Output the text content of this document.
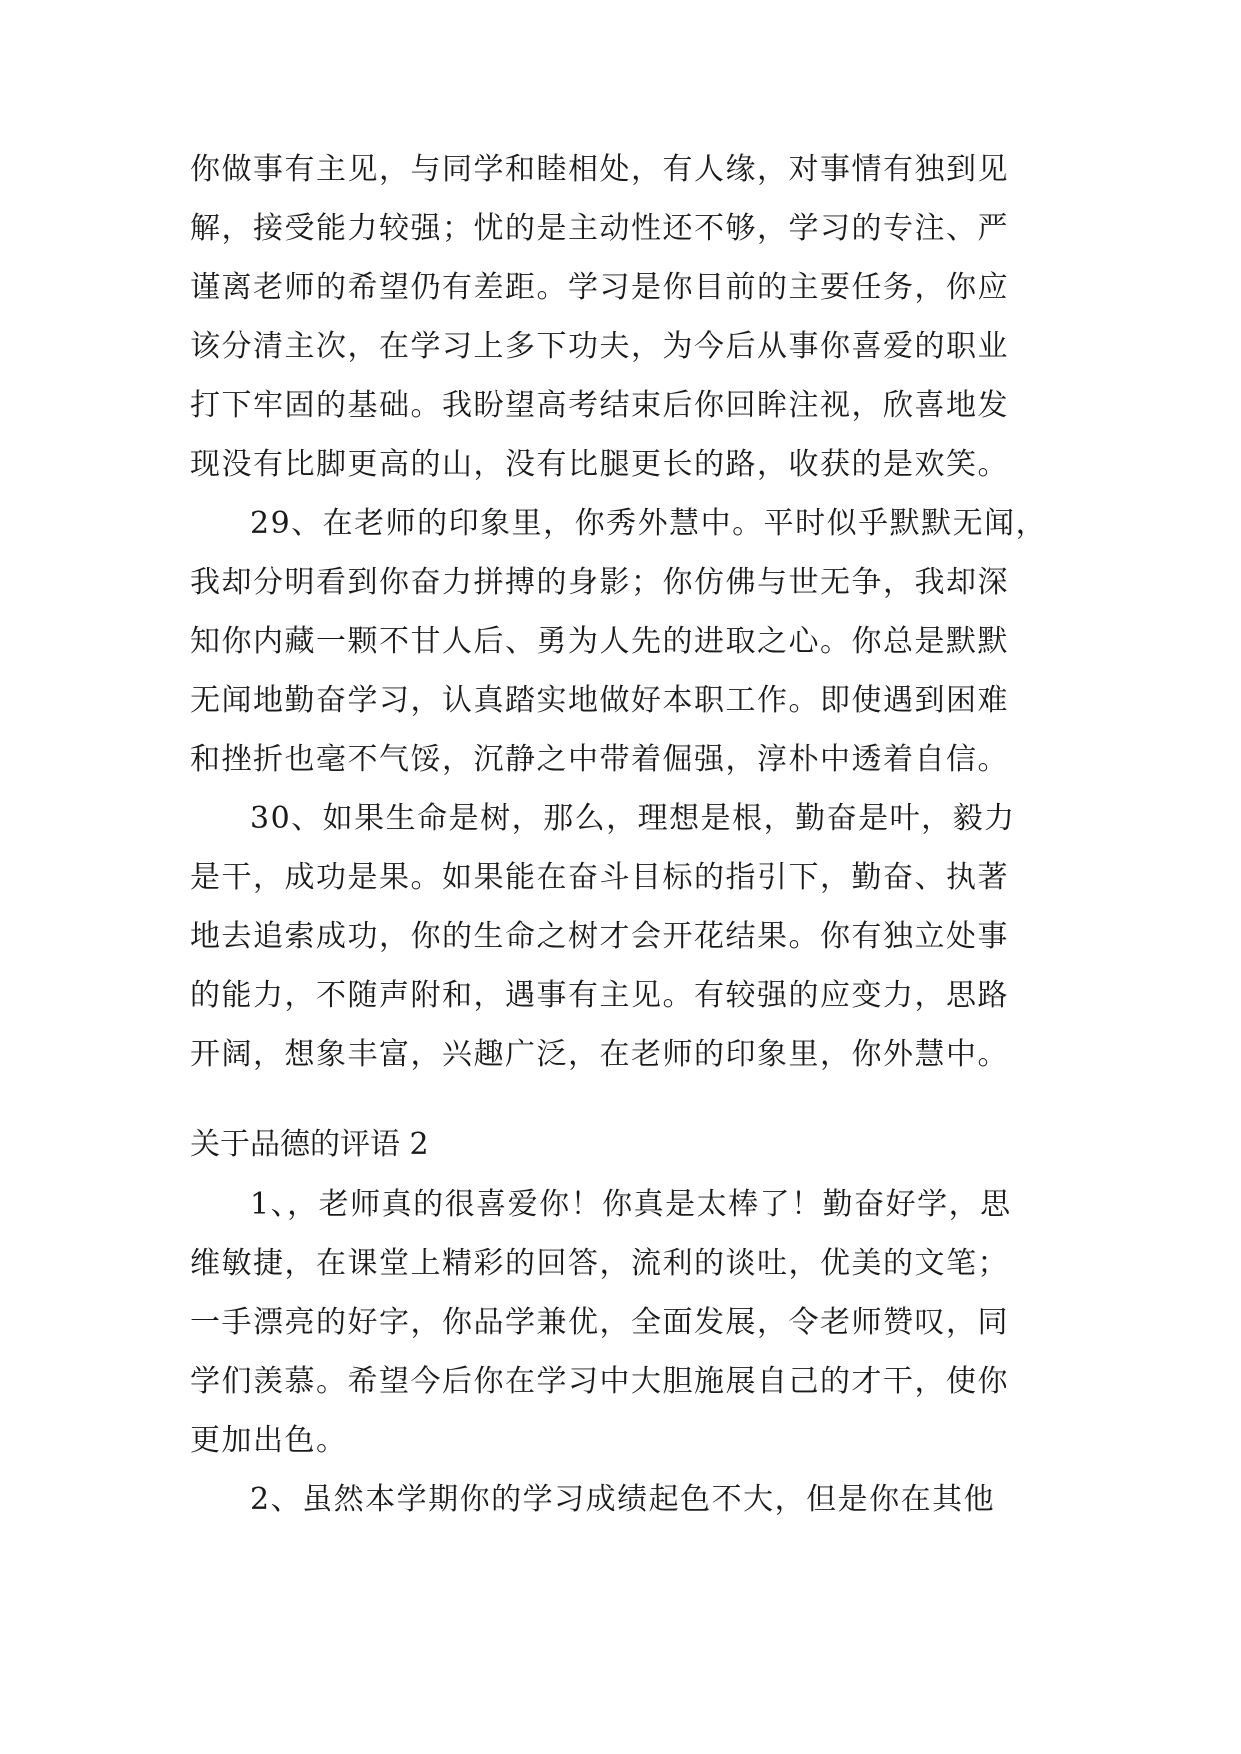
你做事有主见，与同学和睦相处，有人缘，对事情有独到见
解，接受能力较强；忧的是主动性还不够，学习的专注、严
谨离老师的希望仍有差距。学习是你目前的主要任务，你应
该分清主次，在学习上多下功夫，为今后从事你喜爱的职业
打下牢固的基础。我盼望高考结束后你回眸注视，欣喜地发
现没有比脚更高的山，没有比腿更长的路，收获的是欢笑。
29、在老师的印象里，你秀外慧中。平时似乎默默无闻，
我却分明看到你奋力拼搏的身影；你仿佛与世无争，我却深
知你内藏一颗不甘人后、勇为人先的进取之心。你总是默默
无闻地勤奋学习，认真踏实地做好本职工作。即使遇到困难
和挫折也毫不气馁，沉静之中带着倔强，淳朴中透着自信。
30、如果生命是树，那么，理想是根，勤奋是叶，毅力
是干，成功是果。如果能在奋斗目标的指引下，勤奋、执著
地去追索成功，你的生命之树才会开花结果。你有独立处事
的能力，不随声附和，遇事有主见。有较强的应变力，思路
开阔，想象丰富，兴趣广泛，在老师的印象里，你外慧中。
关于品德的评语 2
1、，老师真的很喜爱你！你真是太棒了！勤奋好学，思
维敏捷，在课堂上精彩的回答，流利的谈吐，优美的文笔；
一手漂亮的好字，你品学兼优，全面发展，令老师赞叹，同
学们羡慕。希望今后你在学习中大胆施展自己的才干，使你
更加出色。
2、虽然本学期你的学习成绩起色不大，但是你在其他
